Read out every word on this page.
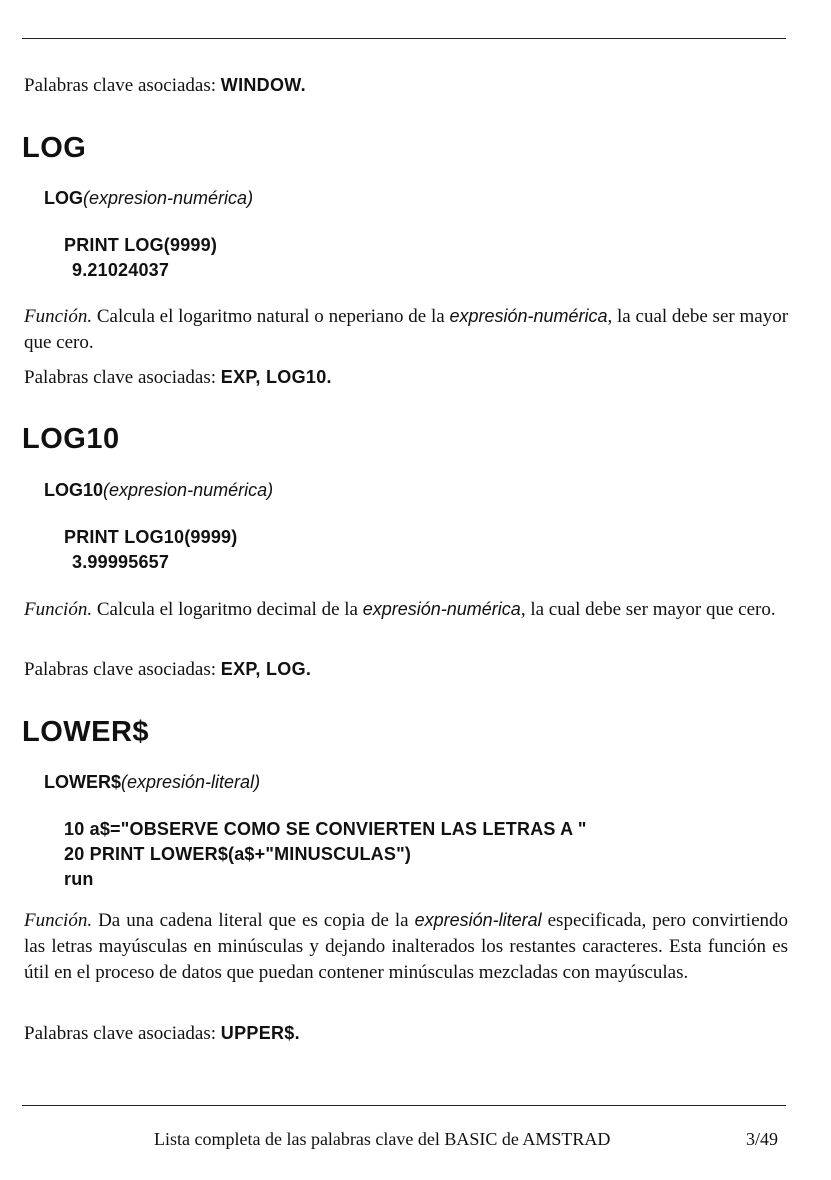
Palabras clave asociadas: WINDOW.
LOG
LOG(expresion-numérica)
PRINT LOG(9999)
9.21024037
Función. Calcula el logaritmo natural o neperiano de la expresión-numérica, la cual debe ser mayor que cero.
Palabras clave asociadas: EXP, LOG10.
LOG10
LOG10(expresion-numérica)
PRINT LOG10(9999)
3.99995657
Función. Calcula el logaritmo decimal de la expresión-numérica, la cual debe ser mayor que cero.
Palabras clave asociadas: EXP, LOG.
LOWER$
LOWER$(expresión-literal)
10 a$="OBSERVE COMO SE CONVIERTEN LAS LETRAS A "
20 PRINT LOWER$(a$+"MINUSCULAS")
run
Función. Da una cadena literal que es copia de la expresión-literal especificada, pero convirtiendo las letras mayúsculas en minúsculas y dejando inalterados los restantes caracteres. Esta función es útil en el proceso de datos que puedan contener minúsculas mezcladas con mayúsculas.
Palabras clave asociadas: UPPER$.
Lista completa de las palabras clave del BASIC de AMSTRAD	3/49
